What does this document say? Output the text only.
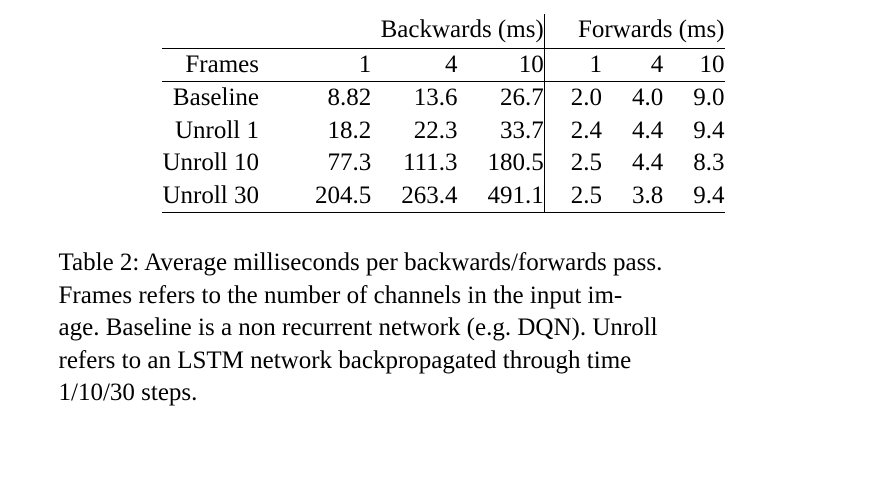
	Backwards (ms)			Forwards (ms)		
Frames	1	4	10	1	4	10
Baseline	8.82	13.6	26.7	2.0	4.0	9.0
Unroll 1	18.2	22.3	33.7	2.4	4.4	9.4
Unroll 10	77.3	111.3	180.5	2.5	4.4	8.3
Unroll 30	204.5	263.4	491.1	2.5	3.8	9.4
Table 2: Average milliseconds per backwards/forwards pass.
Frames refers to the number of channels in the input im-
age. Baseline is a non recurrent network (e.g. DQN). Unroll
refers to an LSTM network backpropagated through time
1/10/30 steps.
